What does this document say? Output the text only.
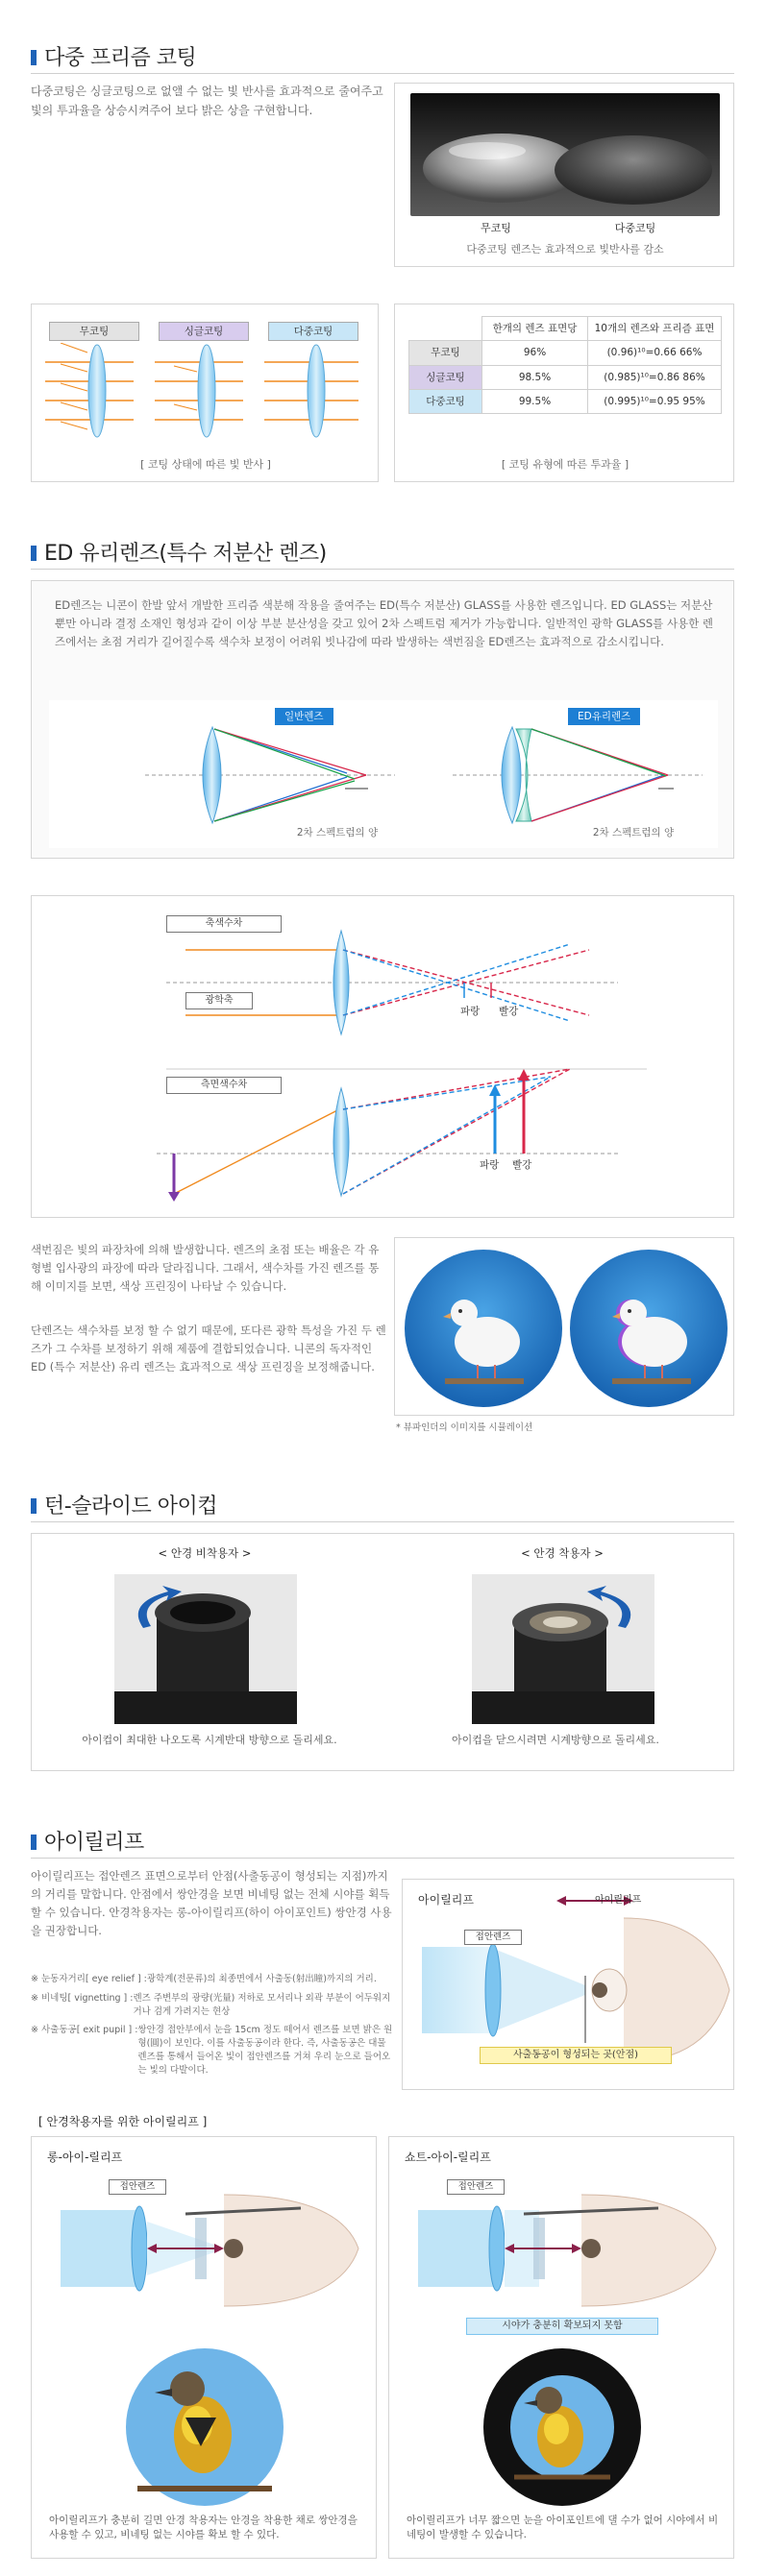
다중 프리즘 코팅
다중코팅은 싱글코팅으로 없앨 수 없는 빛 반사를 효과적으로 줄여주고 빛의 투과율을 상승시켜주어 보다 밝은 상을 구현합니다.
무코팅	다중코팅
다중코팅 렌즈는 효과적으로 빛반사를 감소
무코팅	싱글코팅	다중코팅
[ 코팅 상태에 따른 빛 반사 ]
	한개의 렌즈 표면당	10개의 렌즈와 프리즘 표면
무코팅	96%	(0.96)¹⁰=0.66 66%
싱글코팅	98.5%	(0.985)¹⁰=0.86 86%
다중코팅	99.5%	(0.995)¹⁰=0.95 95%
[ 코팅 유형에 따른 투과율 ]
ED 유리렌즈(특수 저분산 렌즈)
ED렌즈는 니콘이 한발 앞서 개발한 프리즘 색분해 작용을 줄여주는 ED(특수 저분산) GLASS를 사용한 렌즈입니다. ED GLASS는 저분산 뿐만 아니라 결정 소재인 형성과 같이 이상 부분 분산성을 갖고 있어 2차 스펙트럼 제거가 가능합니다. 일반적인 광학 GLASS를 사용한 렌즈에서는 초점 거리가 길어질수록 색수차 보정이 어려워 빗나감에 따라 발생하는 색번짐을 ED렌즈는 효과적으로 감소시킵니다.
일반렌즈	ED유리렌즈
2차 스펙트럼의 양	2차 스펙트럼의 양
축색수차
광학축
파랑 빨강
측면색수차
파랑 빨강
색번짐은 빛의 파장차에 의해 발생합니다. 렌즈의 초점 또는 배율은 각 유형별 입사광의 파장에 따라 달라집니다. 그래서, 색수차를 가진 렌즈를 통해 이미지를 보면, 색상 프린징이 나타날 수 있습니다.
단렌즈는 색수차를 보정 할 수 없기 때문에, 또다른 광학 특성을 가진 두 렌즈가 그 수차를 보정하기 위해 제품에 결합되었습니다. 니콘의 독자적인 ED (특수 저분산) 유리 렌즈는 효과적으로 색상 프린징을 보정해줍니다.
* 뷰파인더의 이미지를 시뮬레이션
턴-슬라이드 아이컵
< 안경 비착용자 >	< 안경 착용자 >
아이컵이 최대한 나오도록 시계반대 방향으로 돌리세요.	아이컵을 닫으시려면 시계방향으로 돌리세요.
아이릴리프
아이릴리프는 접안렌즈 표면으로부터 안점(사출동공이 형성되는 지점)까지의 거리를 말합니다. 안점에서 쌍안경을 보면 비네팅 없는 전체 시야를 획득할 수 있습니다. 안경착용자는 롱-아이릴리프(하이 아이포인트) 쌍안경 사용을 권장합니다.
※ 눈동자거리[ eye relief ] : 광학계(전문류)의 최종면에서 사출동(射出瞳)까지의 거리.
※ 비네팅[ vignetting ] : 렌즈 주변부의 광량(光量) 저하로 모서리나 외곽 부분이 어두워지거나 검게 가려지는 현상
※ 사출동공[ exit pupil ] : 쌍안경 접안부에서 눈을 15cm 정도 떼어서 렌즈를 보면 밝은 원형(圓)이 보인다. 이를 사출동공이라 한다. 즉, 사출동공은 대물 렌즈를 통해서 들어온 빛이 접안렌즈를 거쳐 우리 눈으로 들어오는 빛의 다발이다.
아이릴리프	아이릴리프
접안렌즈
사출동공이 형성되는 곳(안점)
[ 안경착용자를 위한 아이릴리프 ]
롱-아이-릴리프
접안렌즈
아이릴리프가 충분히 길면 안경 착용자는 안경을 착용한 채로 쌍안경을 사용할 수 있고, 비네팅 없는 시야를 확보 할 수 있다.
쇼트-아이-릴리프
접안렌즈
시야가 충분히 확보되지 못함
아이릴리프가 너무 짧으면 눈을 아이포인트에 댈 수가 없어 시야에서 비네팅이 발생할 수 있습니다.
